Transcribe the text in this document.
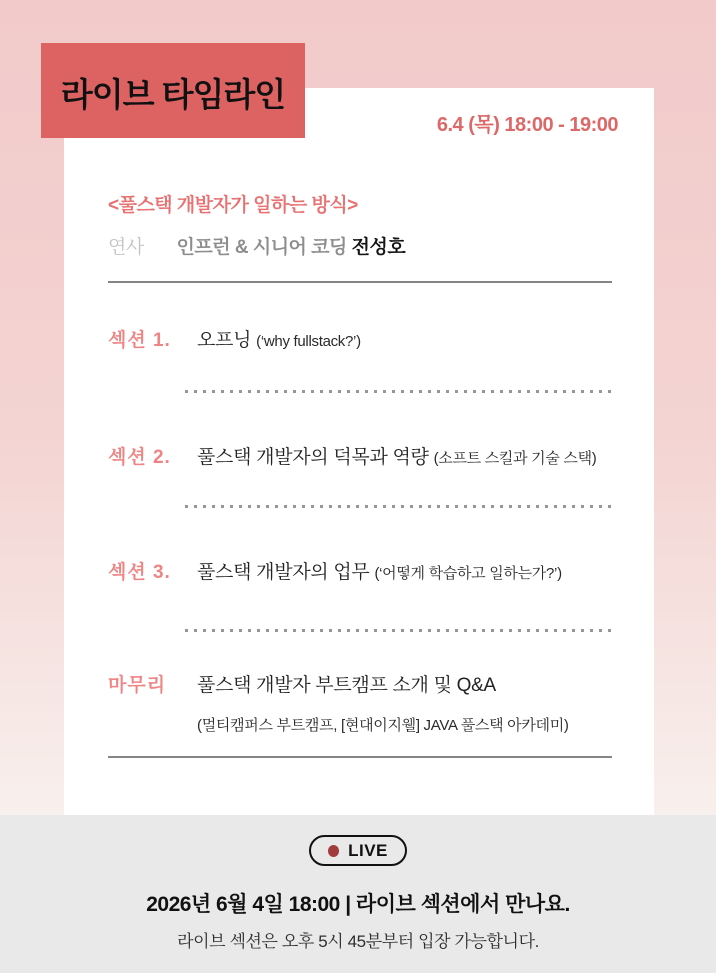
라이브 타임라인
6.4 (목) 18:00 - 19:00
<풀스택 개발자가 일하는 방식>
연사 인프런 & 시니어 코딩 전성호
섹션 1.	오프닝 (‘why fullstack?’)
섹션 2.	풀스택 개발자의 덕목과 역량 (소프트 스킬과 기술 스택)
섹션 3.	풀스택 개발자의 업무 (‘어떻게 학습하고 일하는가?’)
마무리	풀스택 개발자 부트캠프 소개 및 Q&A
(멀티캠퍼스 부트캠프, [현대이지웰] JAVA 풀스택 아카데미)
LIVE
2026년 6월 4일 18:00 | 라이브 섹션에서 만나요.
라이브 섹션은 오후 5시 45분부터 입장 가능합니다.
